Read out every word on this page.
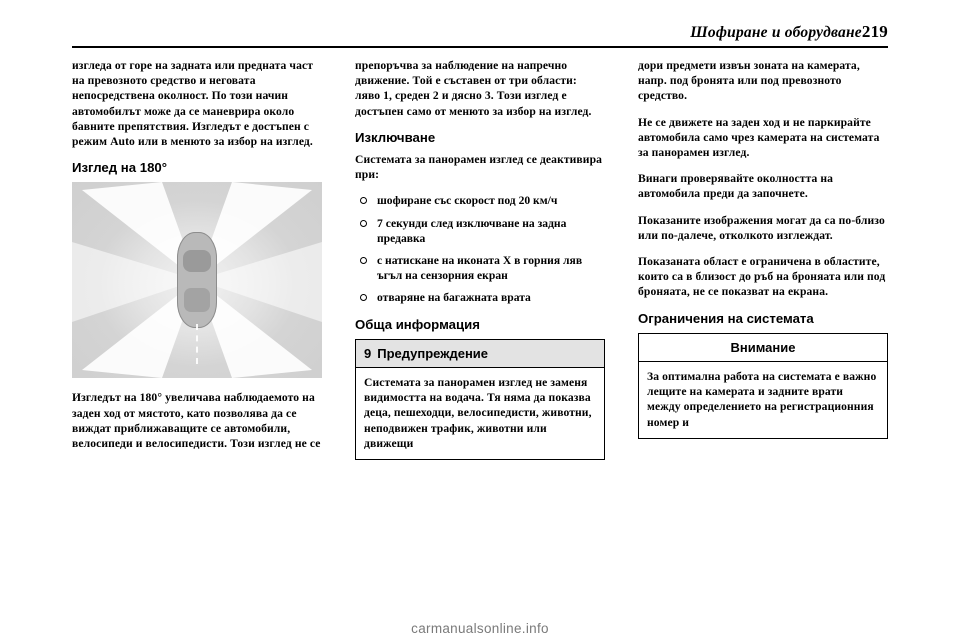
Шофиране и оборудване219

изгледа от горе на задната или предната част на превозното средство и неговата непосредствена околност. По този начин автомобилът може да се маневрира около бавните препятствия. Изгледът е достъпен с режим Auto или в менюто за избор на изглед.

Изглед на 180°

Изгледът на 180° увеличава наблюдаемото на заден ход от мястото, като позволява да се виждат приближаващите се автомобили, велосипеди и велосипедисти. Този изглед не се

препоръчва за наблюдение на напречно движение. Той е съставен от три области: ляво 1, среден 2 и дясно 3. Този изглед е достъпен само от менюто за избор на изглед.

Изключване

Системата за панорамен изглед се деактивира при:

шофиране със скорост под 20 км/ч
7 секунди след изключване на задна предавка
с натискане на иконата Х в горния ляв ъгъл на сензорния екран
отваряне на багажната врата
Обща информация
9 Предупреждение

Системата за панорамен изглед не заменя видимостта на водача. Тя няма да показва деца, пешеходци, велосипедисти, животни, неподвижен трафик, животни или движещи

дори предмети извън зоната на камерата, напр. под бронята или под превозното средство.

Не се движете на заден ход и не паркирайте автомобила само чрез камерата на системата за панорамен изглед.

Винаги проверявайте околността на автомобила преди да започнете.

Показаните изображения могат да са по-близо или по-далече, отколкото изглеждат.

Показаната област е ограничена в областите, които са в близост до ръб на броняата или под броняата, не се показват на екрана.

Ограничения на системата
Внимание

За оптимална работа на системата е важно лещите на камерата и задните врати между определението на регистрационния номер и

carmanualsonline.info
